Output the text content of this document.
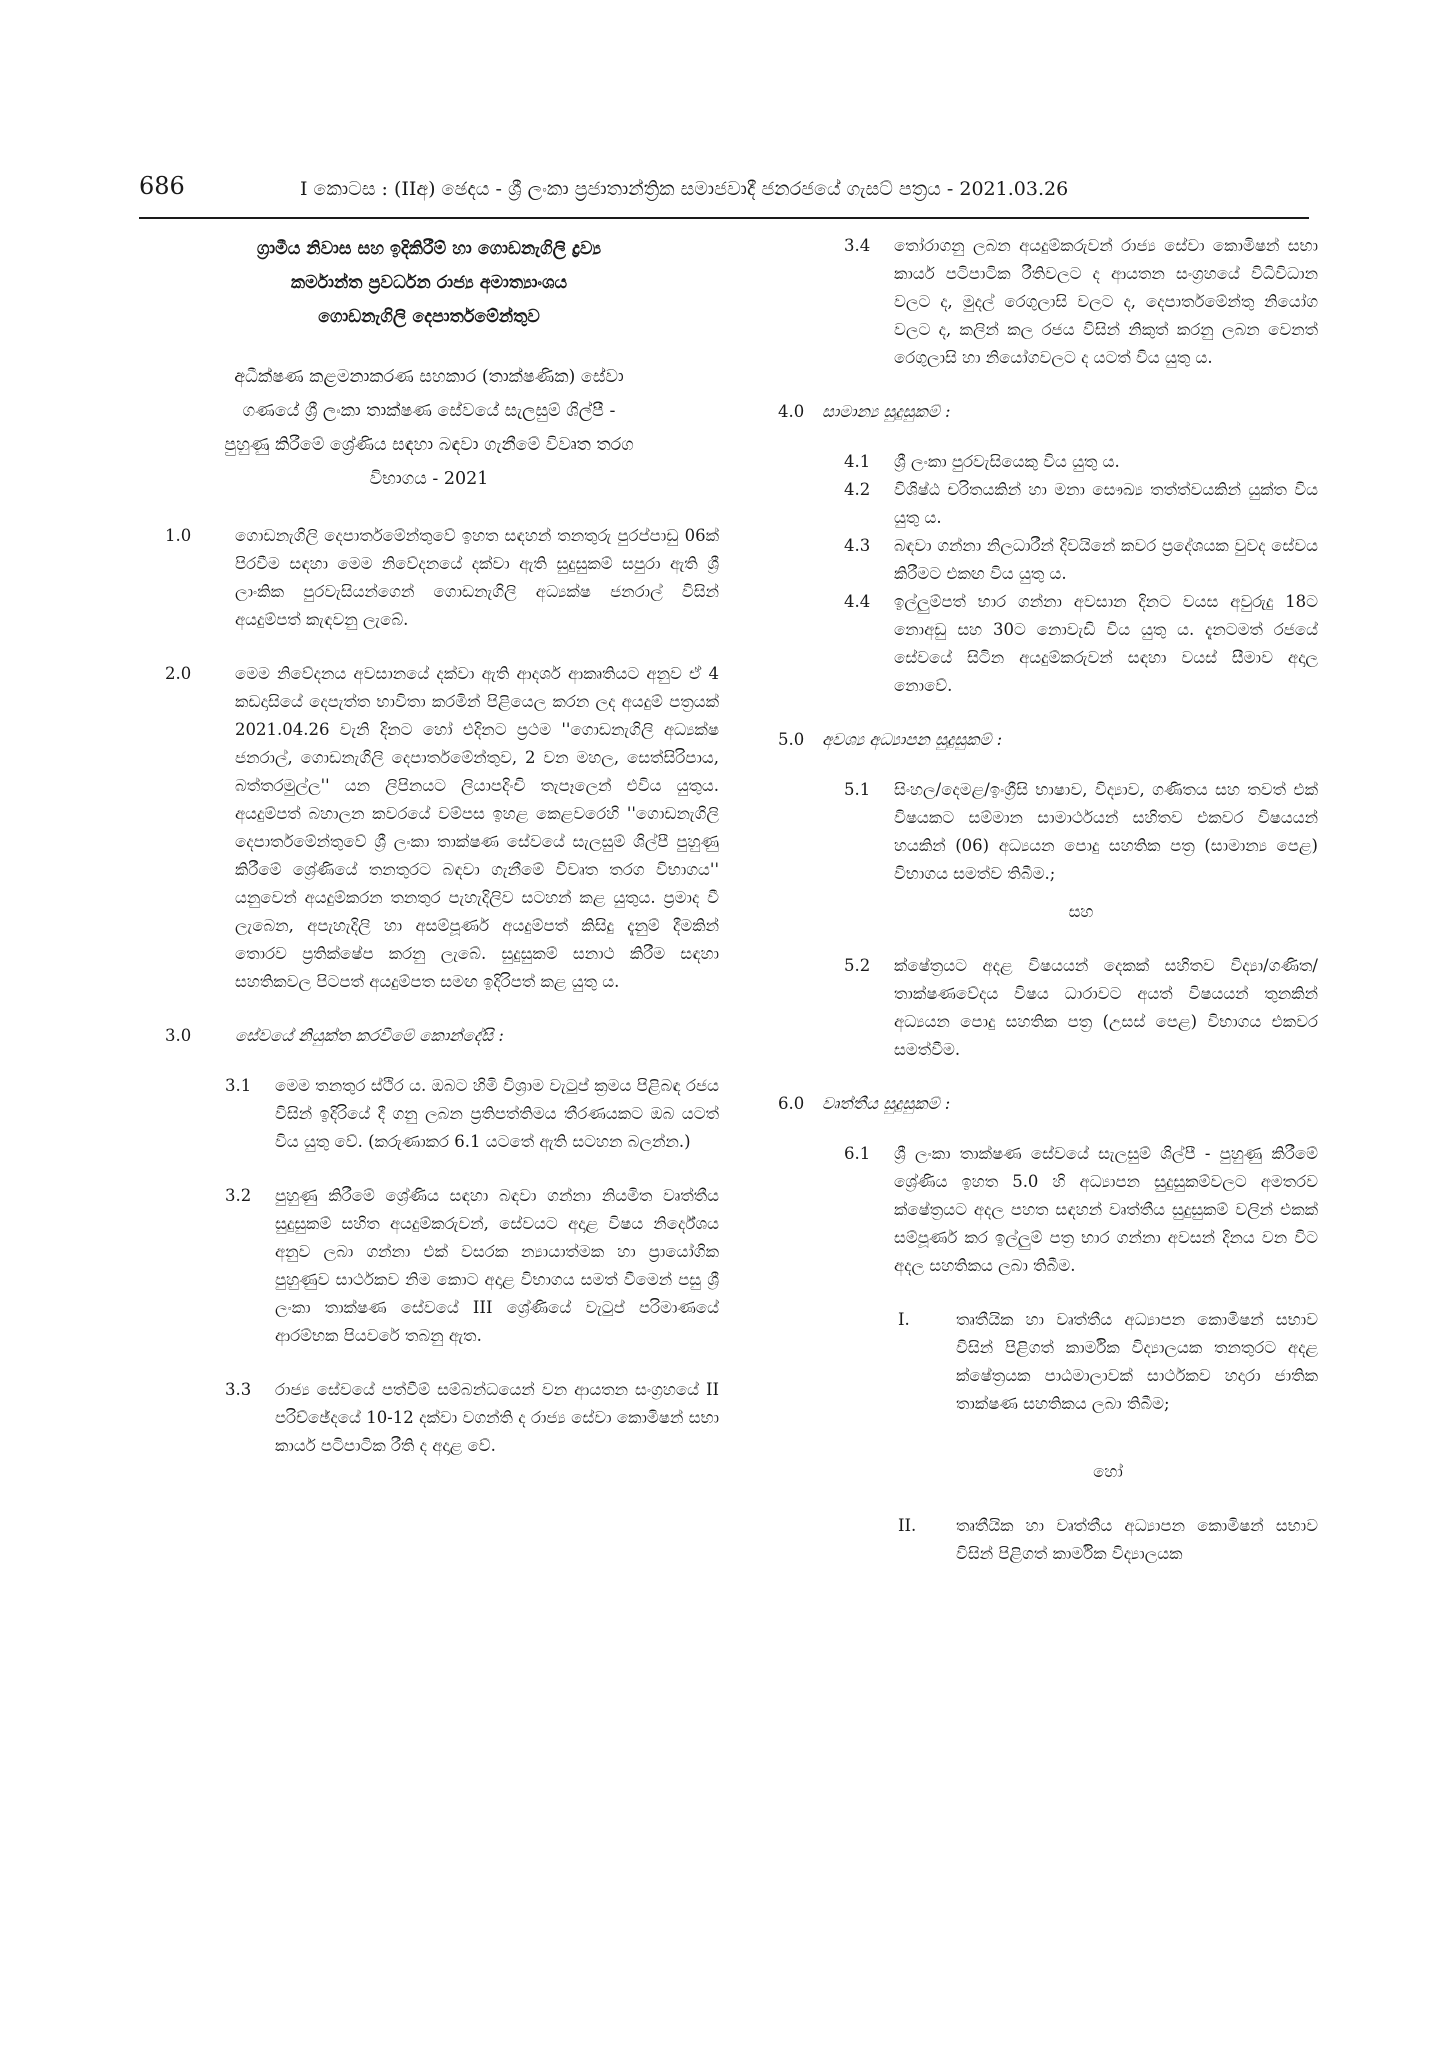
686	I කොටස : (IIඅ) ඡෙදය - ශ්‍රී ලංකා ප්‍රජාතාන්ත්‍රික සමාජවාදී ජනරජයේ ගැසට් පත්‍රය - 2021.03.26
ග්‍රාමීය නිවාස සහ ඉදිකිරීම් හා ගොඩනැගිලි ද්‍රව්‍ය
කර්මාන්ත ප්‍රවර්ධන රාජ්‍ය අමාත්‍යාංශය
ගොඩනැගිලි දෙපාර්තමේන්තුව
අධීක්ෂණ කළමනාකරණ සහකාර (තාක්ෂණික) සේවා
ගණයේ ශ්‍රී ලංකා තාක්ෂණ සේවයේ සැලසුම් ශිල්පී -
පුහුණු කිරීමේ ශ්‍රේණිය සඳහා බඳවා ගැනීමේ විවෘත තරග
විභාගය - 2021
1.0	ගොඩනැගිලි දෙපාර්තමේන්තුවේ ඉහත සඳහන් තනතුරු පුරප්පාඩු 06ක් පිරවීම සඳහා මෙම නිවේදනයේ දක්වා ඇති සුදුසුකම් සපුරා ඇති ශ්‍රී ලාංකික පුරවැසියන්ගෙන් ගොඩනැගිලි අධ්‍යක්ෂ ජනරාල් විසින් අයදුම්පත් කැඳවනු ලැබේ.
2.0	මෙම නිවේදනය අවසානයේ දක්වා ඇති ආදර්ශ ආකෘතියට අනුව ඒ 4 කඩදාසියේ දෙපැත්ත භාවිතා කරමින් පිළියෙල කරන ලද අයදුම් පත්‍රයක් 2021.04.26 වැනි දිනට හෝ එදිනට ප්‍රථම ''ගොඩනැගිලි අධ්‍යක්ෂ ජනරාල්, ගොඩනැගිලි දෙපාර්තමේන්තුව, 2 වන මහල, සෙත්සිරිපාය, බත්තරමුල්ල'' යන ලිපිනයට ලියාපදිංචි තැපෑලෙන් එවිය යුතුය. අයදුම්පත් බහාලන කවරයේ වම්පස ඉහළ කෙළවරෙහි ''ගොඩනැගිලි දෙපාර්තමේන්තුවේ ශ්‍රී ලංකා තාක්ෂණ සේවයේ සැලසුම් ශිල්පී පුහුණු කිරීමේ ශ්‍රේණියේ තනතුරට බඳවා ගැනීමේ විවෘත තරග විභාගය'' යනුවෙන් අයදුම්කරන තනතුර පැහැදිලිව සටහන් කළ යුතුය. ප්‍රමාද වී ලැබෙන, අපැහැදිලි හා අසම්පූර්ණ අයදුම්පත් කිසිදු දැනුම් දීමකින් තොරව ප්‍රතික්ෂේප කරනු ලැබේ. සුදුසුකම් සනාථ කිරීම සඳහා සහතිකවල පිටපත් අයදුම්පත සමඟ ඉදිරිපත් කළ යුතු ය.
3.0	සේවයේ නියුක්ත කරවීමේ කොන්දේසි :
3.1	මෙම තනතුර ස්ථිර ය. ඔබට හිමි විශ්‍රාම වැටුප් ක්‍රමය පිළිබඳ රජය විසින් ඉදිරියේ දී ගනු ලබන ප්‍රතිපත්තිමය තීරණයකට ඔබ යටත් විය යුතු වේ. (කරුණාකර 6.1 යටතේ ඇති සටහන බලන්න.)
3.2	පුහුණු කිරීමේ ශ්‍රේණිය සඳහා බඳවා ගන්නා නියමිත වෘත්තීය සුදුසුකම් සහිත අයදුම්කරුවන්, සේවයට අදාළ විෂය නිර්දේශය අනුව ලබා ගන්නා එක් වසරක න්‍යායාත්මක හා ප්‍රායෝගික පුහුණුව සාර්ථකව නිම කොට අදාළ විභාගය සමත් වීමෙන් පසු ශ්‍රී ලංකා තාක්ෂණ සේවයේ III ශ්‍රේණියේ වැටුප් පරිමාණයේ ආරම්භක පියවරේ තබනු ඇත.
3.3	රාජ්‍ය සේවයේ පත්වීම් සම්බන්ධයෙන් වන ආයතන සංග්‍රහයේ II පරිච්ඡේදයේ 10-12 දක්වා වගන්ති ද රාජ්‍ය සේවා කොමිෂන් සභා කාර්ය පටිපාටික රීති ද අදාළ වේ.
3.4	තෝරාගනු ලබන අයදුම්කරුවන් රාජ්‍ය සේවා කොමිෂන් සභා කාර්ය පටිපාටික රීතිවලට ද ආයතන සංග්‍රහයේ විධිවිධාන වලට ද, මුදල් රෙගුලාසි වලට ද, දෙපාර්තමේන්තු නියෝග වලට ද, කලින් කල රජය විසින් නිකුත් කරනු ලබන වෙනත් රෙගුලාසි හා නියෝගවලට ද යටත් විය යුතු ය.
4.0	සාමාන්‍ය සුදුසුකම් :
4.1	ශ්‍රී ලංකා පුරවැසියෙකු විය යුතු ය.
4.2	විශිෂ්ඨ චරිතයකින් හා මනා සෞඛ්‍ය තත්ත්වයකින් යුක්ත විය යුතු ය.
4.3	බඳවා ගන්නා නිලධාරීන් දිවයිනේ කවර ප්‍රදේශයක වුවද සේවය කිරීමට එකඟ විය යුතු ය.
4.4	ඉල්ලුම්පත් භාර ගන්නා අවසාන දිනට වයස අවුරුදු 18ට නොඅඩු සහ 30ට නොවැඩි විය යුතු ය. දැනටමත් රජයේ සේවයේ සිටින අයදුම්කරුවන් සඳහා වයස් සීමාව අදාල නොවේ.
5.0	අවශ්‍ය අධ්‍යාපන සුදුසුකම් :
5.1	සිංහල/දෙමළ/ඉංග්‍රීසි භාෂාව, විද්‍යාව, ගණිතය සහ තවත් එක් විෂයකට සම්මාන සාමාර්ථයන් සහිතව එකවර විෂයයන් හයකින් (06) අධ්‍යයන පොදු සහතික පත්‍ර (සාමාන්‍ය පෙළ) විභාගය සමත්ව තිබීම.;
සහ
5.2	ක්ෂේත්‍රයට අදළ විෂයයන් දෙකක් සහිතව විද්‍යා/ගණිත/තාක්ෂණවේදය විෂය ධාරාවට අයත් විෂයයන් තුනකින් අධ්‍යයන පොදු සහතික පත්‍ර (උසස් පෙළ) විභාගය එකවර සමත්වීම.
6.0	වෘත්තීය සුදුසුකම් :
6.1	ශ්‍රී ලංකා තාක්ෂණ සේවයේ සැලසුම් ශිල්පී - පුහුණු කිරීමේ ශ්‍රේණිය ඉහත 5.0 හි අධ්‍යාපන සුදුසුකම්වලට අමතරව ක්ෂේත්‍රයට අදල පහත සඳහන් වෘත්තීය සුදුසුකම් වලින් එකක් සම්පූර්ණ කර ඉල්ලුම් පත්‍ර භාර ගන්නා අවසන් දිනය වන විට අදල සහතිකය ලබා තිබීම.
I.	තෘතීයික හා වෘත්තීය අධ්‍යාපන කොමිෂන් සභාව විසින් පිළිගත් කාර්මික විද්‍යාලයක තනතුරට අදළ ක්ෂේත්‍රයක පාඨමාලාවක් සාර්ථකව හදාරා ජාතික තාක්ෂණ සහතිකය ලබා තිබීම;
හෝ
II.	තෘතීයික හා වෘත්තීය අධ්‍යාපන කොමිෂන් සභාව විසින් පිළිගත් කාර්මික විද්‍යාලයක
